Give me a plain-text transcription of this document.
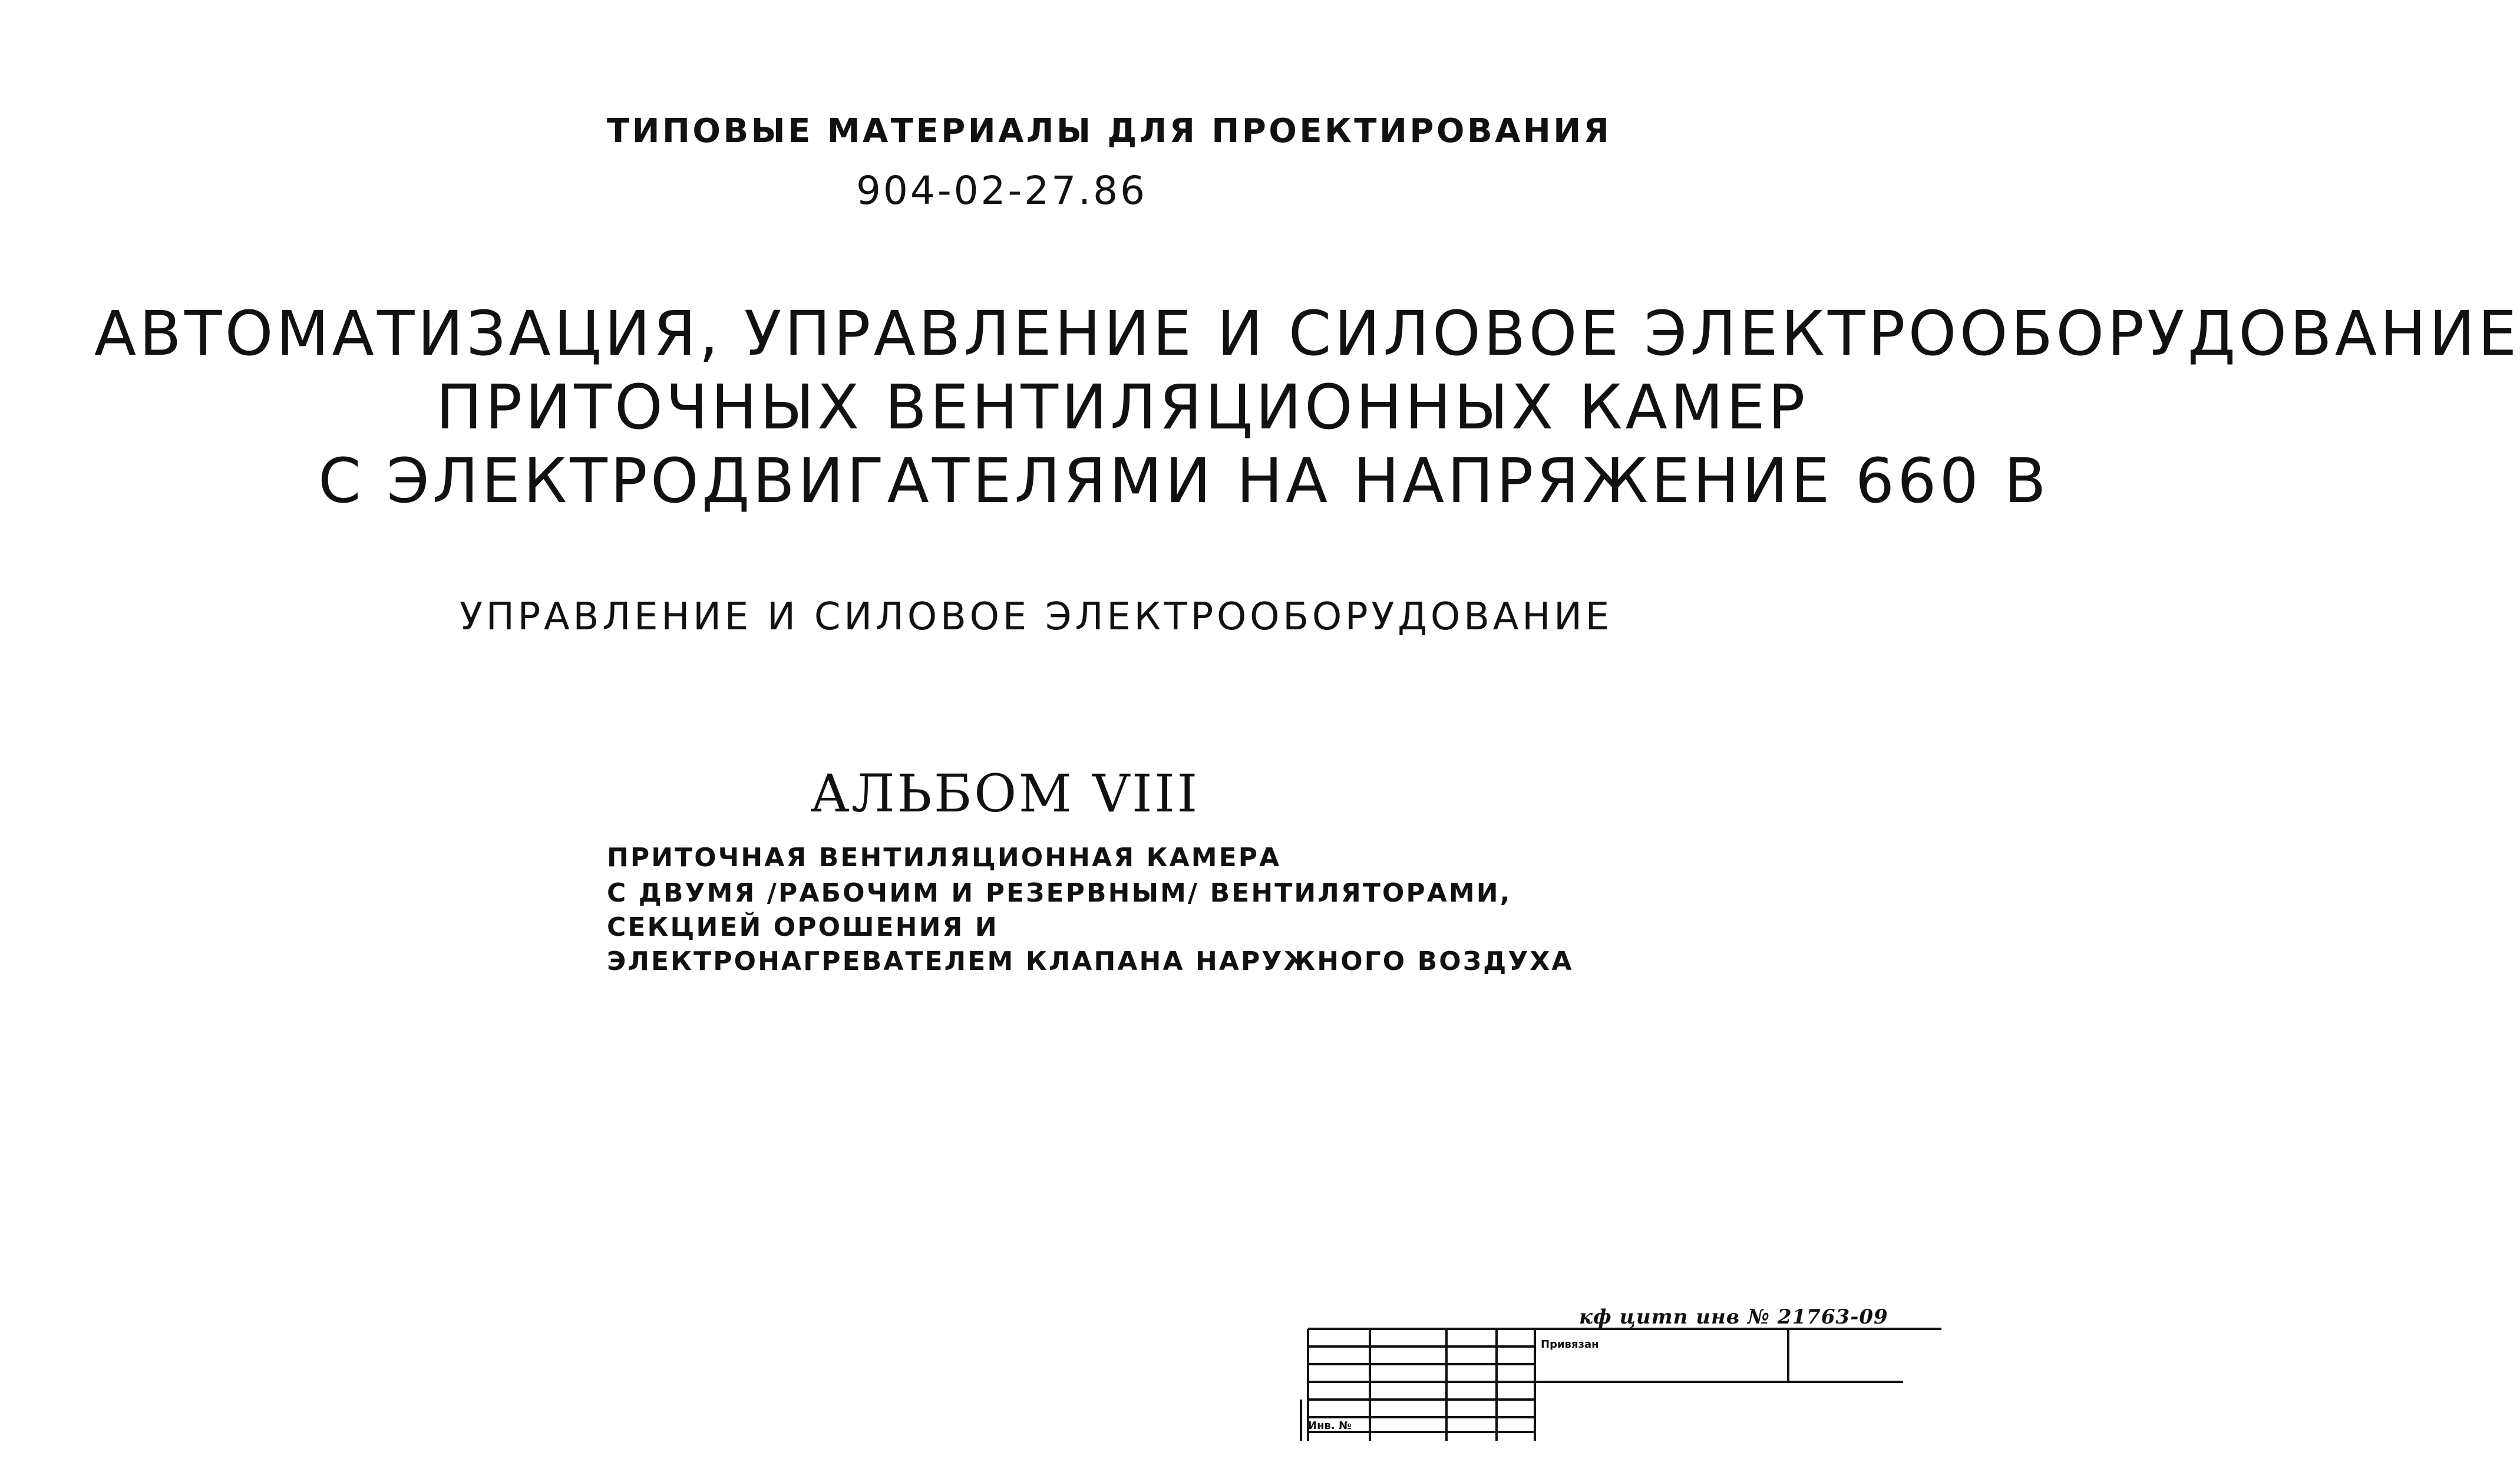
ТИПОВЫЕ МАТЕРИАЛЫ ДЛЯ ПРОЕКТИРОВАНИЯ
904-02-27.86
АВТОМАТИЗАЦИЯ, УПРАВЛЕНИЕ И СИЛОВОЕ ЭЛЕКТРООБОРУДОВАНИЕ
ПРИТОЧНЫХ ВЕНТИЛЯЦИОННЫХ КАМЕР
С ЭЛЕКТРОДВИГАТЕЛЯМИ НА НАПРЯЖЕНИЕ 660 В
УПРАВЛЕНИЕ И СИЛОВОЕ ЭЛЕКТРООБОРУДОВАНИЕ
АЛЬБОМ VIII
ПРИТОЧНАЯ ВЕНТИЛЯЦИОННАЯ КАМЕРА
С ДВУМЯ /РАБОЧИМ И РЕЗЕРВНЫМ/ ВЕНТИЛЯТОРАМИ,
СЕКЦИЕЙ ОРОШЕНИЯ И
ЭЛЕКТРОНАГРЕВАТЕЛЕМ КЛАПАНА НАРУЖНОГО ВОЗДУХА
кф цитп инв № 21763-09
Привязан
Инв. №
